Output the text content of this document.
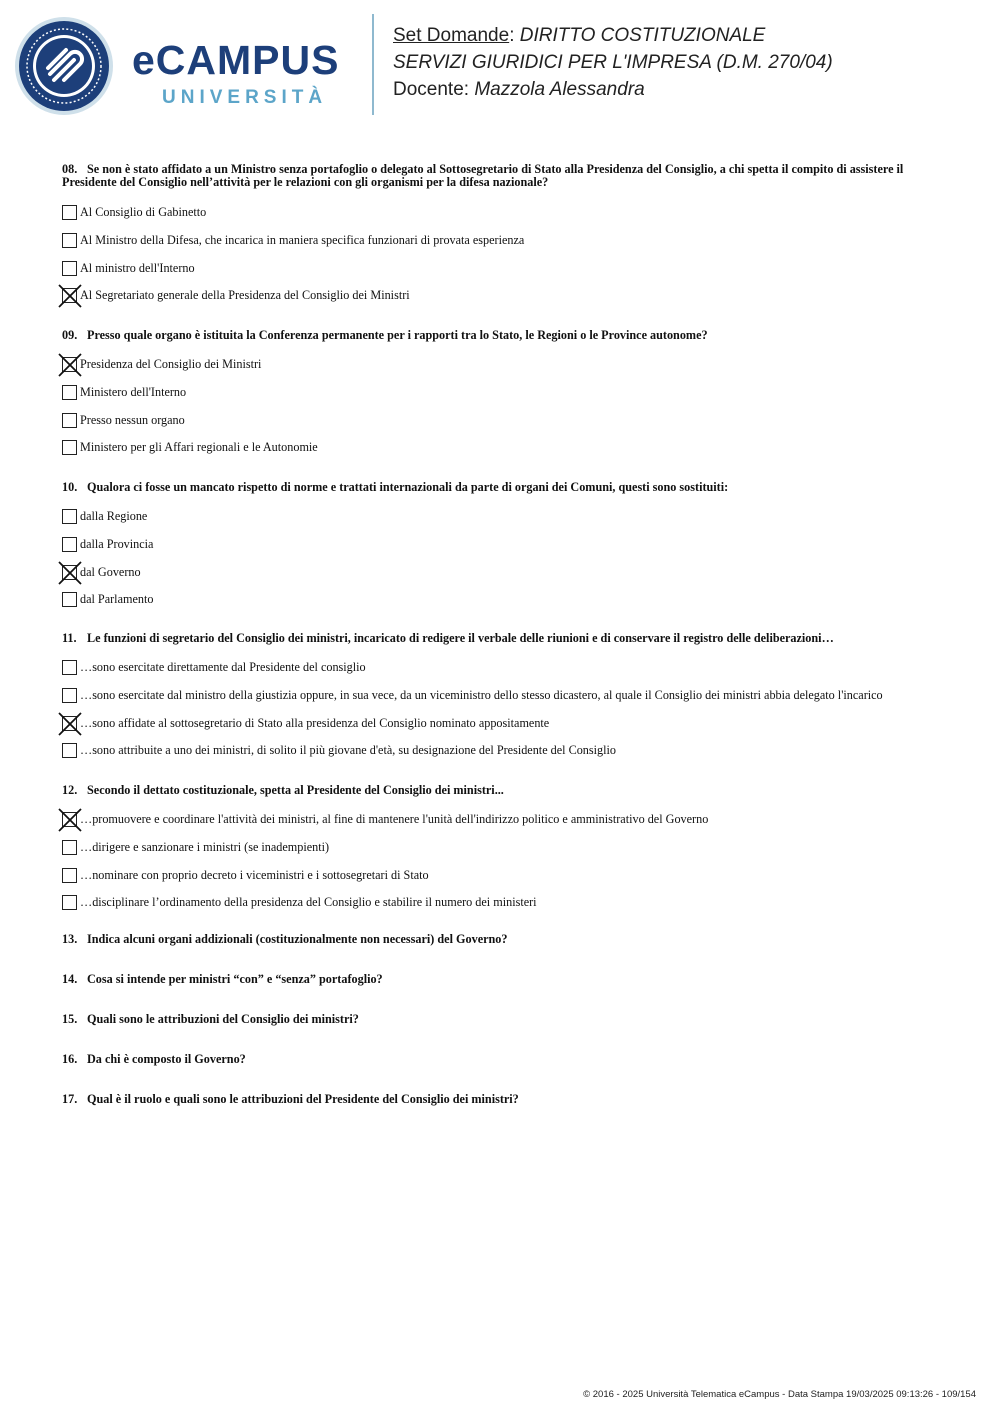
eCAMPUS
UNIVERSITÀ
Set Domande: DIRITTO COSTITUZIONALE
SERVIZI GIURIDICI PER L'IMPRESA (D.M. 270/04)
Docente: Mazzola Alessandra

08. Se non è stato affidato a un Ministro senza portafoglio o delegato al Sottosegretario di Stato alla Presidenza del Consiglio, a chi spetta il compito di assistere il Presidente del Consiglio nell’attività per le relazioni con gli organismi per la difesa nazionale?

Al Consiglio di Gabinetto
Al Ministro della Difesa, che incarica in maniera specifica funzionari di provata esperienza
Al ministro dell'Interno
Al Segretariato generale della Presidenza del Consiglio dei Ministri

09. Presso quale organo è istituita la Conferenza permanente per i rapporti tra lo Stato, le Regioni o le Province autonome?

Presidenza del Consiglio dei Ministri
Ministero dell'Interno
Presso nessun organo
Ministero per gli Affari regionali e le Autonomie

10. Qualora ci fosse un mancato rispetto di norme e trattati internazionali da parte di organi dei Comuni, questi sono sostituiti:

dalla Regione
dalla Provincia
dal Governo
dal Parlamento

11. Le funzioni di segretario del Consiglio dei ministri, incaricato di redigere il verbale delle riunioni e di conservare il registro delle deliberazioni…

…sono esercitate direttamente dal Presidente del consiglio
…sono esercitate dal ministro della giustizia oppure, in sua vece, da un viceministro dello stesso dicastero, al quale il Consiglio dei ministri abbia delegato l'incarico
…sono affidate al sottosegretario di Stato alla presidenza del Consiglio nominato appositamente
…sono attribuite a uno dei ministri, di solito il più giovane d'età, su designazione del Presidente del Consiglio

12. Secondo il dettato costituzionale, spetta al Presidente del Consiglio dei ministri...

…promuovere e coordinare l'attività dei ministri, al fine di mantenere l'unità dell'indirizzo politico e amministrativo del Governo
…dirigere e sanzionare i ministri (se inadempienti)
…nominare con proprio decreto i viceministri e i sottosegretari di Stato
…disciplinare l’ordinamento della presidenza del Consiglio e stabilire il numero dei ministeri

13. Indica alcuni organi addizionali (costituzionalmente non necessari) del Governo?

14. Cosa si intende per ministri “con” e “senza” portafoglio?

15. Quali sono le attribuzioni del Consiglio dei ministri?

16. Da chi è composto il Governo?

17. Qual è il ruolo e quali sono le attribuzioni del Presidente del Consiglio dei ministri?

© 2016 - 2025 Università Telematica eCampus - Data Stampa 19/03/2025 09:13:26 - 109/154
